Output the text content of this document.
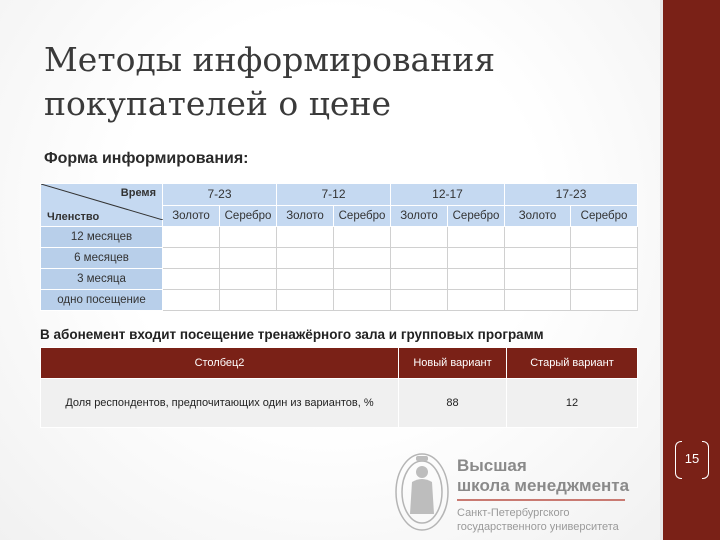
Методы информирования
покупателей о цене
Форма информирования:
Время
Членство	7-23		7-12		12-17		17-23	
	Золото	Серебро	Золото	Серебро	Золото	Серебро	Золото	Серебро
12 месяцев								
6 месяцев								
3 месяца								
одно посещение								
В абонемент входит посещение тренажёрного зала и групповых программ
Столбец2	Новый вариант	Старый вариант
Доля респондентов, предпочитающих один из вариантов, %	88	12
15
Высшая
школа менеджмента
Санкт-Петербургского
государственного университета
